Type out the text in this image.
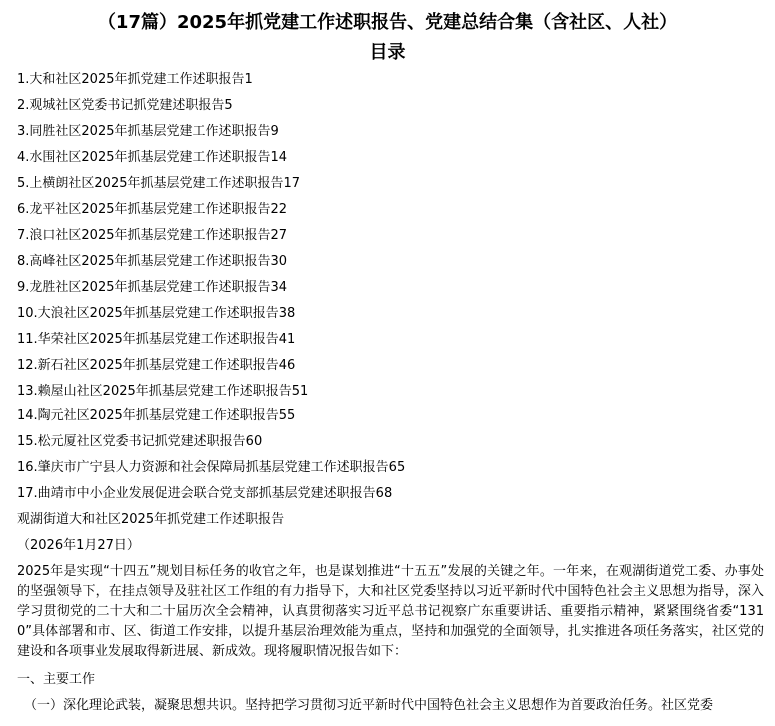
（17篇）2025年抓党建工作述职报告、党建总结合集（含社区、人社）
目录
1.大和社区2025年抓党建工作述职报告1
2.观城社区党委书记抓党建述职报告5
3.同胜社区2025年抓基层党建工作述职报告9
4.水围社区2025年抓基层党建工作述职报告14
5.上横朗社区2025年抓基层党建工作述职报告17
6.龙平社区2025年抓基层党建工作述职报告22
7.浪口社区2025年抓基层党建工作述职报告27
8.高峰社区2025年抓基层党建工作述职报告30
9.龙胜社区2025年抓基层党建工作述职报告34
10.大浪社区2025年抓基层党建工作述职报告38
11.华荣社区2025年抓基层党建工作述职报告41
12.新石社区2025年抓基层党建工作述职报告46
13.赖屋山社区2025年抓基层党建工作述职报告51
14.陶元社区2025年抓基层党建工作述职报告55
15.松元厦社区党委书记抓党建述职报告60
16.肇庆市广宁县人力资源和社会保障局抓基层党建工作述职报告65
17.曲靖市中小企业发展促进会联合党支部抓基层党建述职报告68
观湖街道大和社区2025年抓党建工作述职报告
（2026年1月27日）
2025年是实现“十四五”规划目标任务的收官之年，也是谋划推进“十五五”发展的关键之年。一年来，在观湖街道党工委、办事处的坚强领导下，在挂点领导及驻社区工作组的有力指导下，大和社区党委坚持以习近平新时代中国特色社会主义思想为指导，深入学习贯彻党的二十大和二十届历次全会精神，认真贯彻落实习近平总书记视察广东重要讲话、重要指示精神，紧紧围绕省委“1310”具体部署和市、区、街道工作安排，以提升基层治理效能为重点，坚持和加强党的全面领导，扎实推进各项任务落实，社区党的建设和各项事业发展取得新进展、新成效。现将履职情况报告如下：
一、主要工作
（一）深化理论武装，凝聚思想共识。坚持把学习贯彻习近平新时代中国特色社会主义思想作为首要政治任务。社区党委
